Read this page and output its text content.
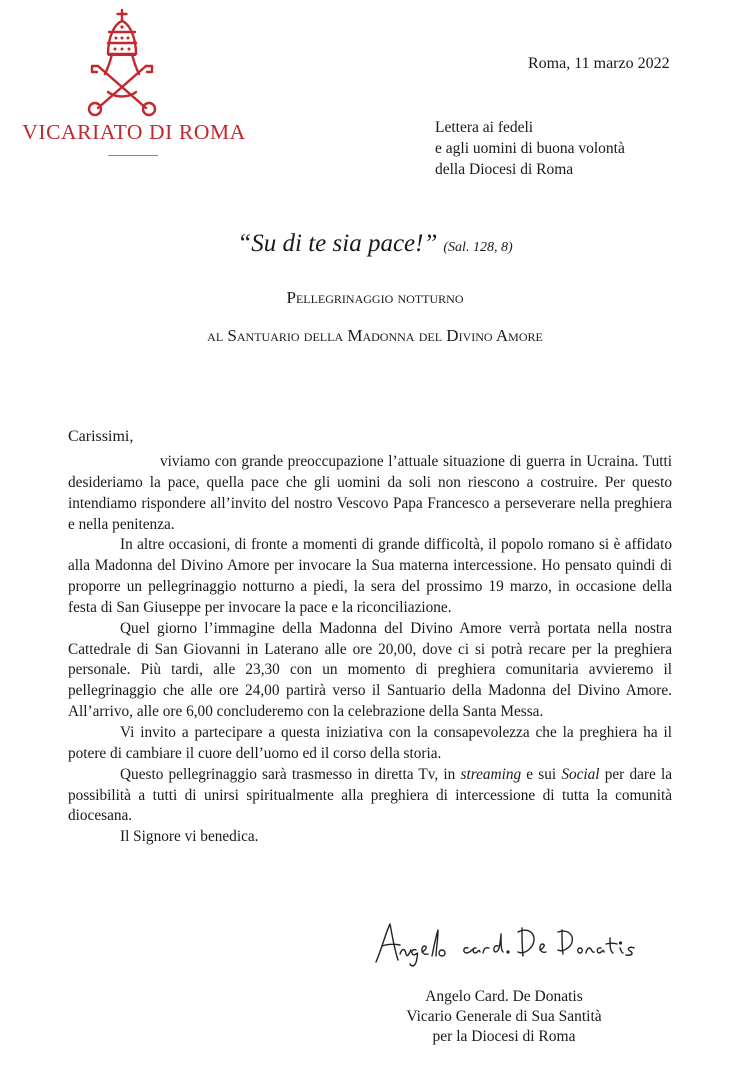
VICARIATO DI ROMA
Roma, 11 marzo 2022
Lettera ai fedeli
e agli uomini di buona volontà
della Diocesi di Roma
“Su di te sia pace!” (Sal. 128, 8)
Pellegrinaggio notturno
al Santuario della Madonna del Divino Amore
Carissimi,

viviamo con grande preoccupazione l’attuale situazione di guerra in Ucraina. Tutti desideriamo la pace, quella pace che gli uomini da soli non riescono a costruire. Per questo intendiamo rispondere all’invito del nostro Vescovo Papa Francesco a perseverare nella preghiera e nella penitenza.

In altre occasioni, di fronte a momenti di grande difficoltà, il popolo romano si è affidato alla Madonna del Divino Amore per invocare la Sua materna intercessione. Ho pensato quindi di proporre un pellegrinaggio notturno a piedi, la sera del prossimo 19 marzo, in occasione della festa di San Giuseppe per invocare la pace e la riconciliazione.

Quel giorno l’immagine della Madonna del Divino Amore verrà portata nella nostra Cattedrale di San Giovanni in Laterano alle ore 20,00, dove ci si potrà recare per la preghiera personale. Più tardi, alle 23,30 con un momento di preghiera comunitaria avvieremo il pellegrinaggio che alle ore 24,00 partirà verso il Santuario della Madonna del Divino Amore. All’arrivo, alle ore 6,00 concluderemo con la celebrazione della Santa Messa.

Vi invito a partecipare a questa iniziativa con la consapevolezza che la preghiera ha il potere di cambiare il cuore dell’uomo ed il corso della storia.

Questo pellegrinaggio sarà trasmesso in diretta Tv, in streaming e sui Social per dare la possibilità a tutti di unirsi spiritualmente alla preghiera di intercessione di tutta la comunità diocesana.

Il Signore vi benedica.

Angelo Card. De Donatis
Vicario Generale di Sua Santità
per la Diocesi di Roma
